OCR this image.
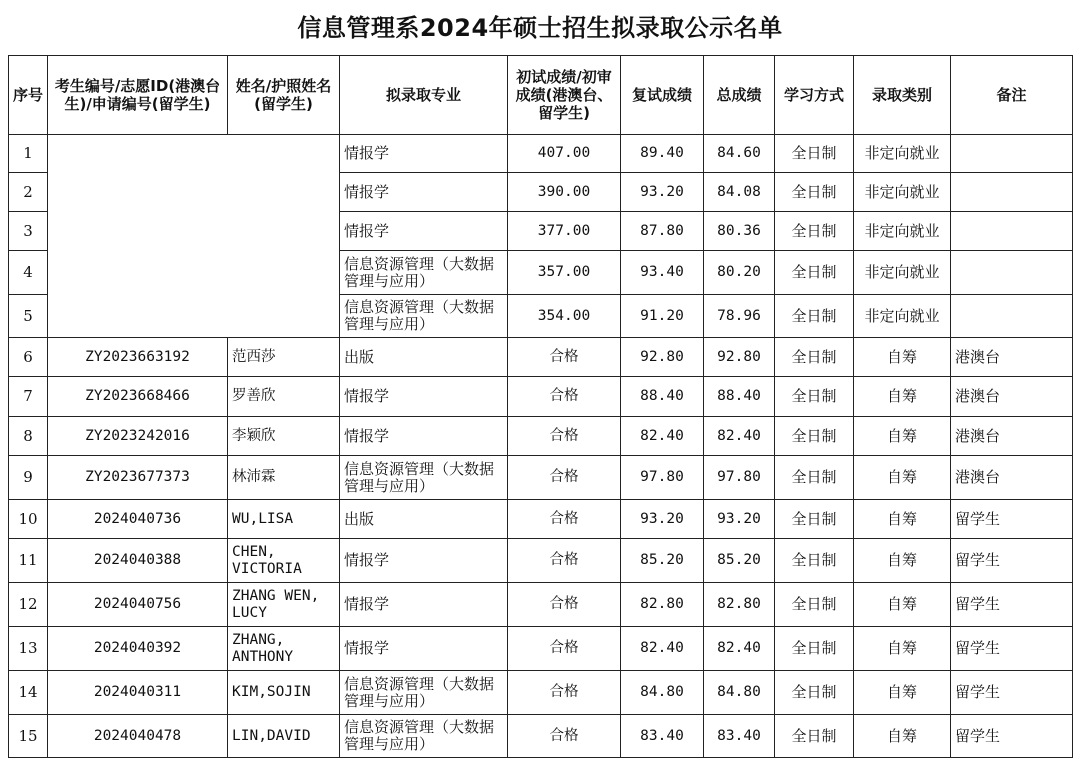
信息管理系2024年硕士招生拟录取公示名单
序号	考生编号/志愿ID(港澳台生)/申请编号(留学生)	姓名/护照姓名(留学生)	拟录取专业	初试成绩/初审成绩(港澳台、留学生)	复试成绩	总成绩	学习方式	录取类别	备注
1			情报学	407.00	89.40	84.60	全日制	非定向就业	
2			情报学	390.00	93.20	84.08	全日制	非定向就业	
3			情报学	377.00	87.80	80.36	全日制	非定向就业	
4			信息资源管理（大数据管理与应用）	357.00	93.40	80.20	全日制	非定向就业	
5			信息资源管理（大数据管理与应用）	354.00	91.20	78.96	全日制	非定向就业	
6	ZY2023663192	范西莎	出版	合格	92.80	92.80	全日制	自筹	港澳台
7	ZY2023668466	罗善欣	情报学	合格	88.40	88.40	全日制	自筹	港澳台
8	ZY2023242016	李颖欣	情报学	合格	82.40	82.40	全日制	自筹	港澳台
9	ZY2023677373	林沛霖	信息资源管理（大数据管理与应用）	合格	97.80	97.80	全日制	自筹	港澳台
10	2024040736	WU,LISA	出版	合格	93.20	93.20	全日制	自筹	留学生
11	2024040388	CHEN, VICTORIA	情报学	合格	85.20	85.20	全日制	自筹	留学生
12	2024040756	ZHANG WEN, LUCY	情报学	合格	82.80	82.80	全日制	自筹	留学生
13	2024040392	ZHANG, ANTHONY	情报学	合格	82.40	82.40	全日制	自筹	留学生
14	2024040311	KIM,SOJIN	信息资源管理（大数据管理与应用）	合格	84.80	84.80	全日制	自筹	留学生
15	2024040478	LIN,DAVID	信息资源管理（大数据管理与应用）	合格	83.40	83.40	全日制	自筹	留学生
